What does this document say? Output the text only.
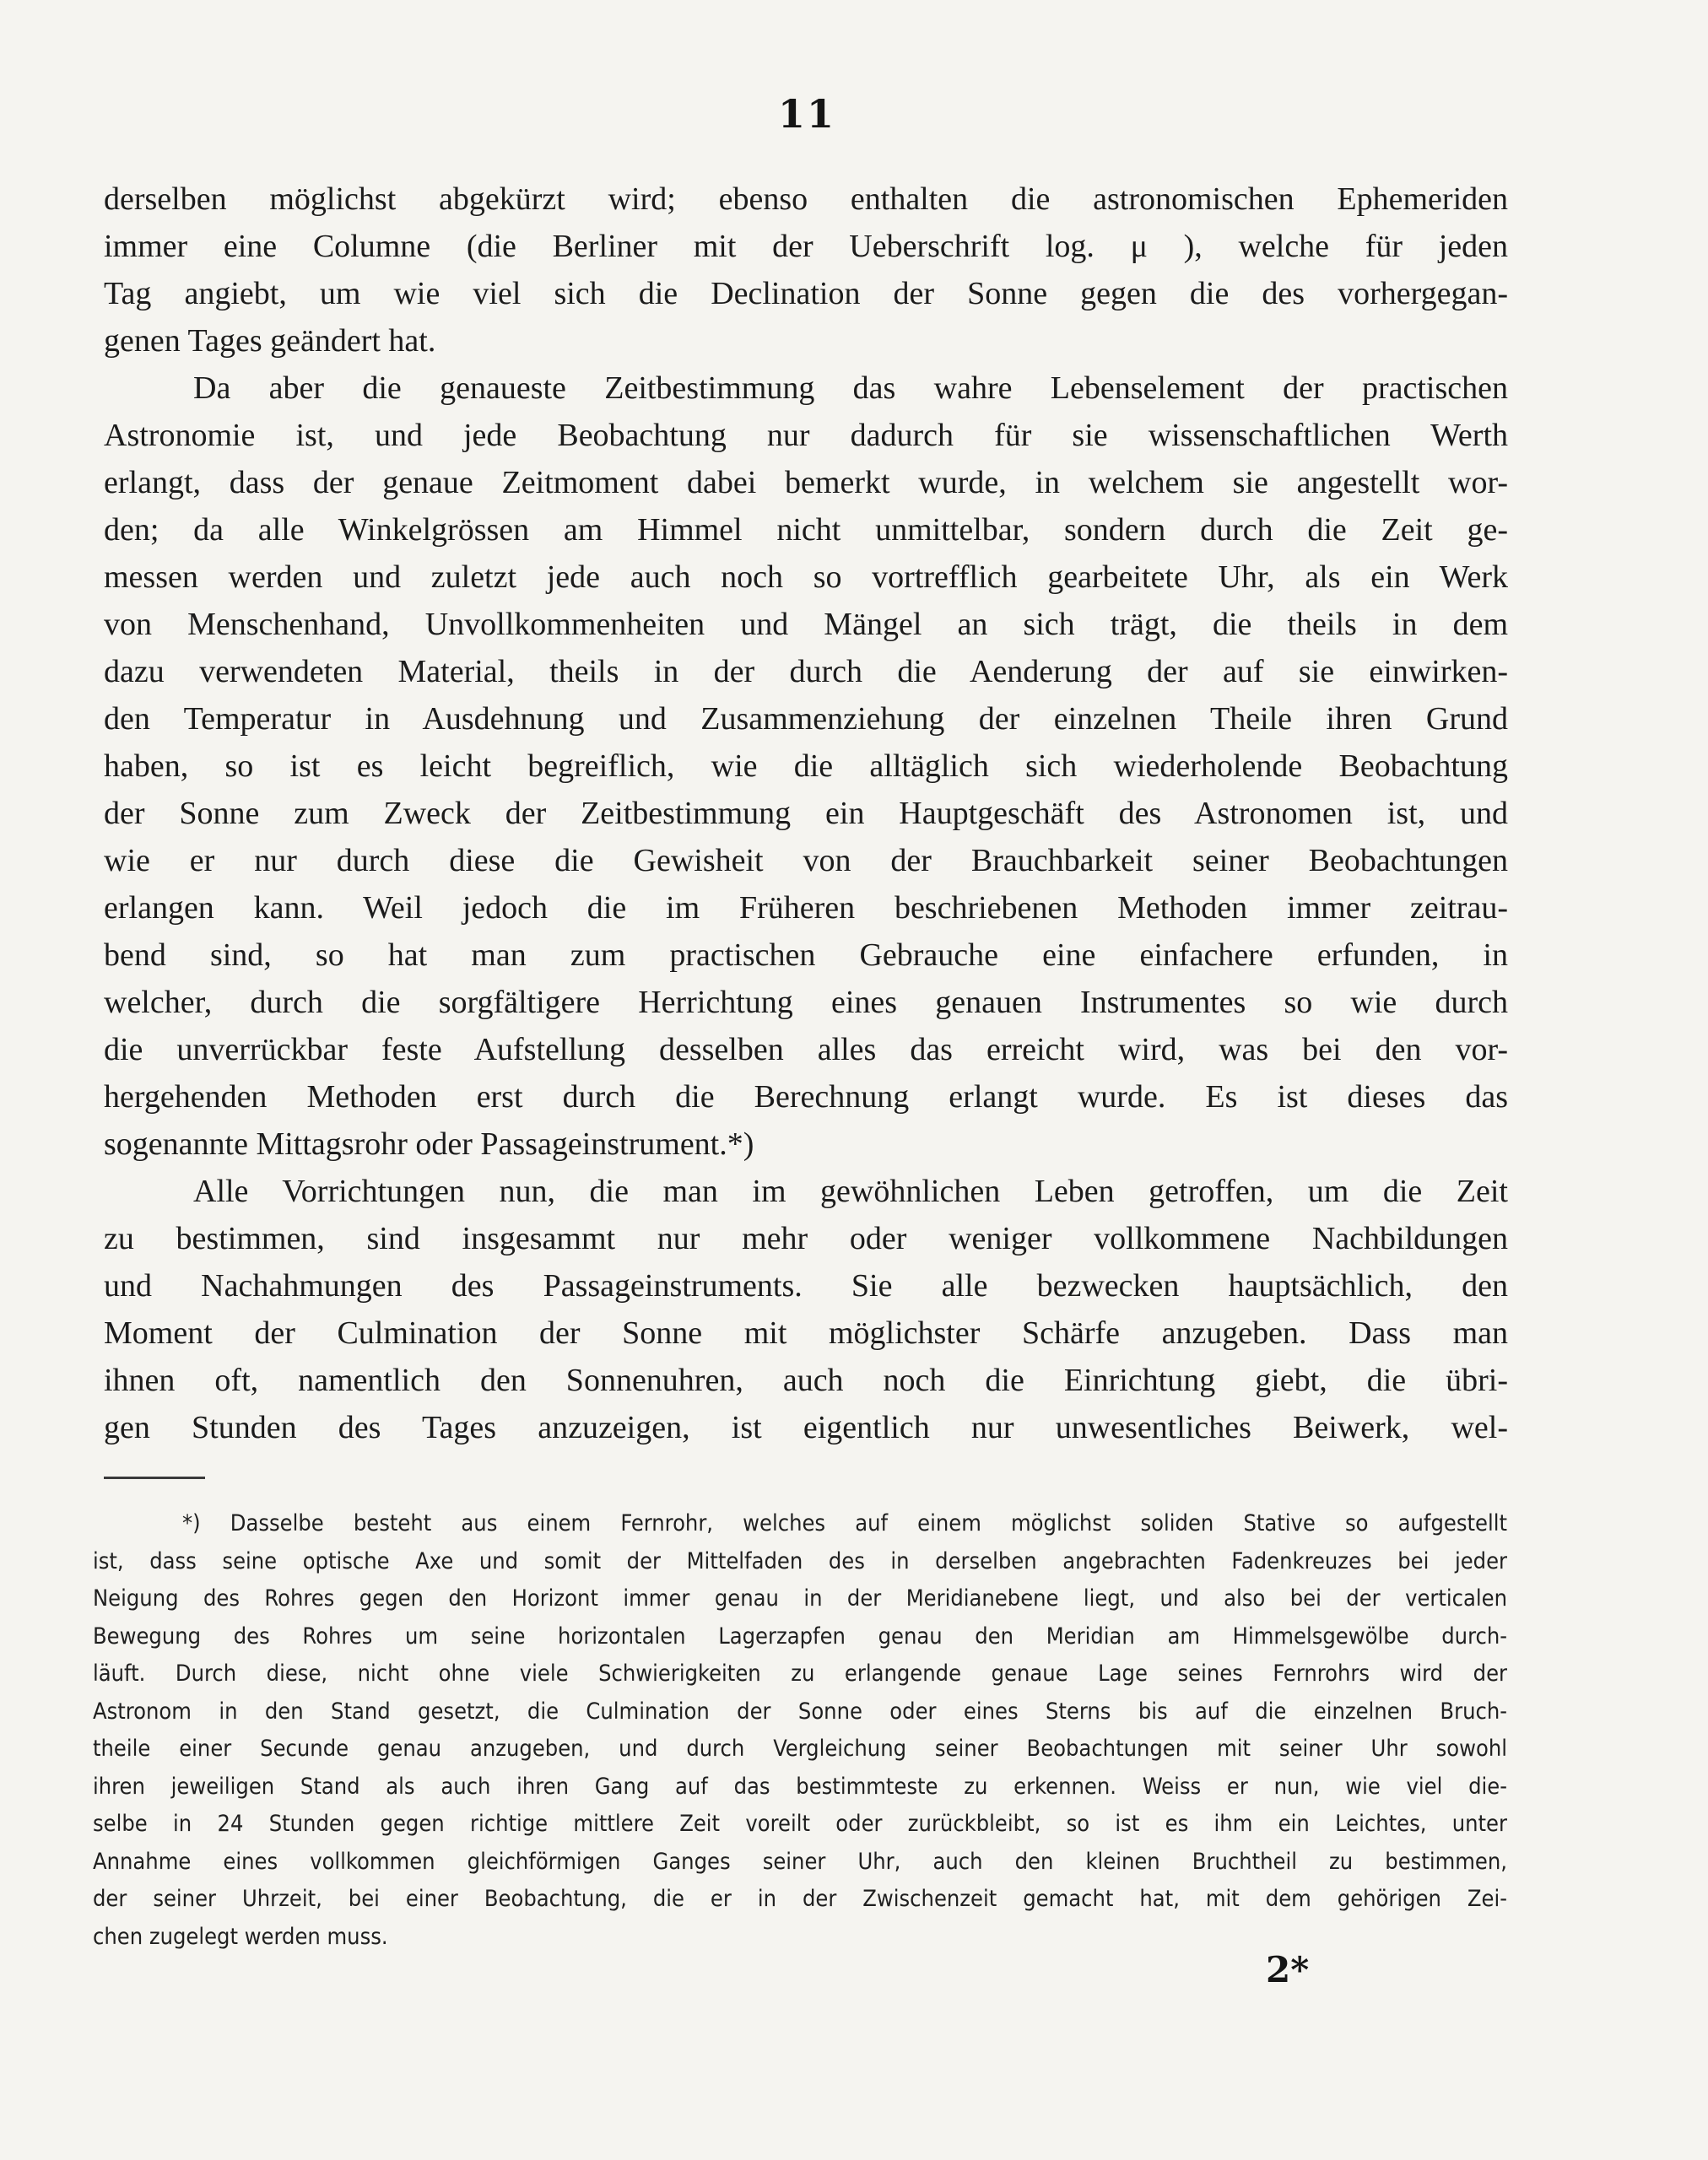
11
derselben möglichst abgekürzt wird; ebenso enthalten die astronomischen Ephemeriden
immer eine Columne (die Berliner mit der Ueberschrift log. μ ), welche für jeden
Tag angiebt, um wie viel sich die Declination der Sonne gegen die des vorhergegan-
genen Tages geändert hat.
Da aber die genaueste Zeitbestimmung das wahre Lebenselement der practischen
Astronomie ist, und jede Beobachtung nur dadurch für sie wissenschaftlichen Werth
erlangt, dass der genaue Zeitmoment dabei bemerkt wurde, in welchem sie angestellt wor-
den; da alle Winkelgrössen am Himmel nicht unmittelbar, sondern durch die Zeit ge-
messen werden und zuletzt jede auch noch so vortrefflich gearbeitete Uhr, als ein Werk
von Menschenhand, Unvollkommenheiten und Mängel an sich trägt, die theils in dem
dazu verwendeten Material, theils in der durch die Aenderung der auf sie einwirken-
den Temperatur in Ausdehnung und Zusammenziehung der einzelnen Theile ihren Grund
haben, so ist es leicht begreiflich, wie die alltäglich sich wiederholende Beobachtung
der Sonne zum Zweck der Zeitbestimmung ein Hauptgeschäft des Astronomen ist, und
wie er nur durch diese die Gewisheit von der Brauchbarkeit seiner Beobachtungen
erlangen kann. Weil jedoch die im Früheren beschriebenen Methoden immer zeitrau-
bend sind, so hat man zum practischen Gebrauche eine einfachere erfunden, in
welcher, durch die sorgfältigere Herrichtung eines genauen Instrumentes so wie durch
die unverrückbar feste Aufstellung desselben alles das erreicht wird, was bei den vor-
hergehenden Methoden erst durch die Berechnung erlangt wurde. Es ist dieses das
sogenannte Mittagsrohr oder Passageinstrument.*)
Alle Vorrichtungen nun, die man im gewöhnlichen Leben getroffen, um die Zeit
zu bestimmen, sind insgesammt nur mehr oder weniger vollkommene Nachbildungen
und Nachahmungen des Passageinstruments. Sie alle bezwecken hauptsächlich, den
Moment der Culmination der Sonne mit möglichster Schärfe anzugeben. Dass man
ihnen oft, namentlich den Sonnenuhren, auch noch die Einrichtung giebt, die übri-
gen Stunden des Tages anzuzeigen, ist eigentlich nur unwesentliches Beiwerk, wel-
*) Dasselbe besteht aus einem Fernrohr, welches auf einem möglichst soliden Stative so aufgestellt
ist, dass seine optische Axe und somit der Mittelfaden des in derselben angebrachten Fadenkreuzes bei jeder
Neigung des Rohres gegen den Horizont immer genau in der Meridianebene liegt, und also bei der verticalen
Bewegung des Rohres um seine horizontalen Lagerzapfen genau den Meridian am Himmelsgewölbe durch-
läuft. Durch diese, nicht ohne viele Schwierigkeiten zu erlangende genaue Lage seines Fernrohrs wird der
Astronom in den Stand gesetzt, die Culmination der Sonne oder eines Sterns bis auf die einzelnen Bruch-
theile einer Secunde genau anzugeben, und durch Vergleichung seiner Beobachtungen mit seiner Uhr sowohl
ihren jeweiligen Stand als auch ihren Gang auf das bestimmteste zu erkennen. Weiss er nun, wie viel die-
selbe in 24 Stunden gegen richtige mittlere Zeit voreilt oder zurückbleibt, so ist es ihm ein Leichtes, unter
Annahme eines vollkommen gleichförmigen Ganges seiner Uhr, auch den kleinen Bruchtheil zu bestimmen,
der seiner Uhrzeit, bei einer Beobachtung, die er in der Zwischenzeit gemacht hat, mit dem gehörigen Zei-
chen zugelegt werden muss.
2*
